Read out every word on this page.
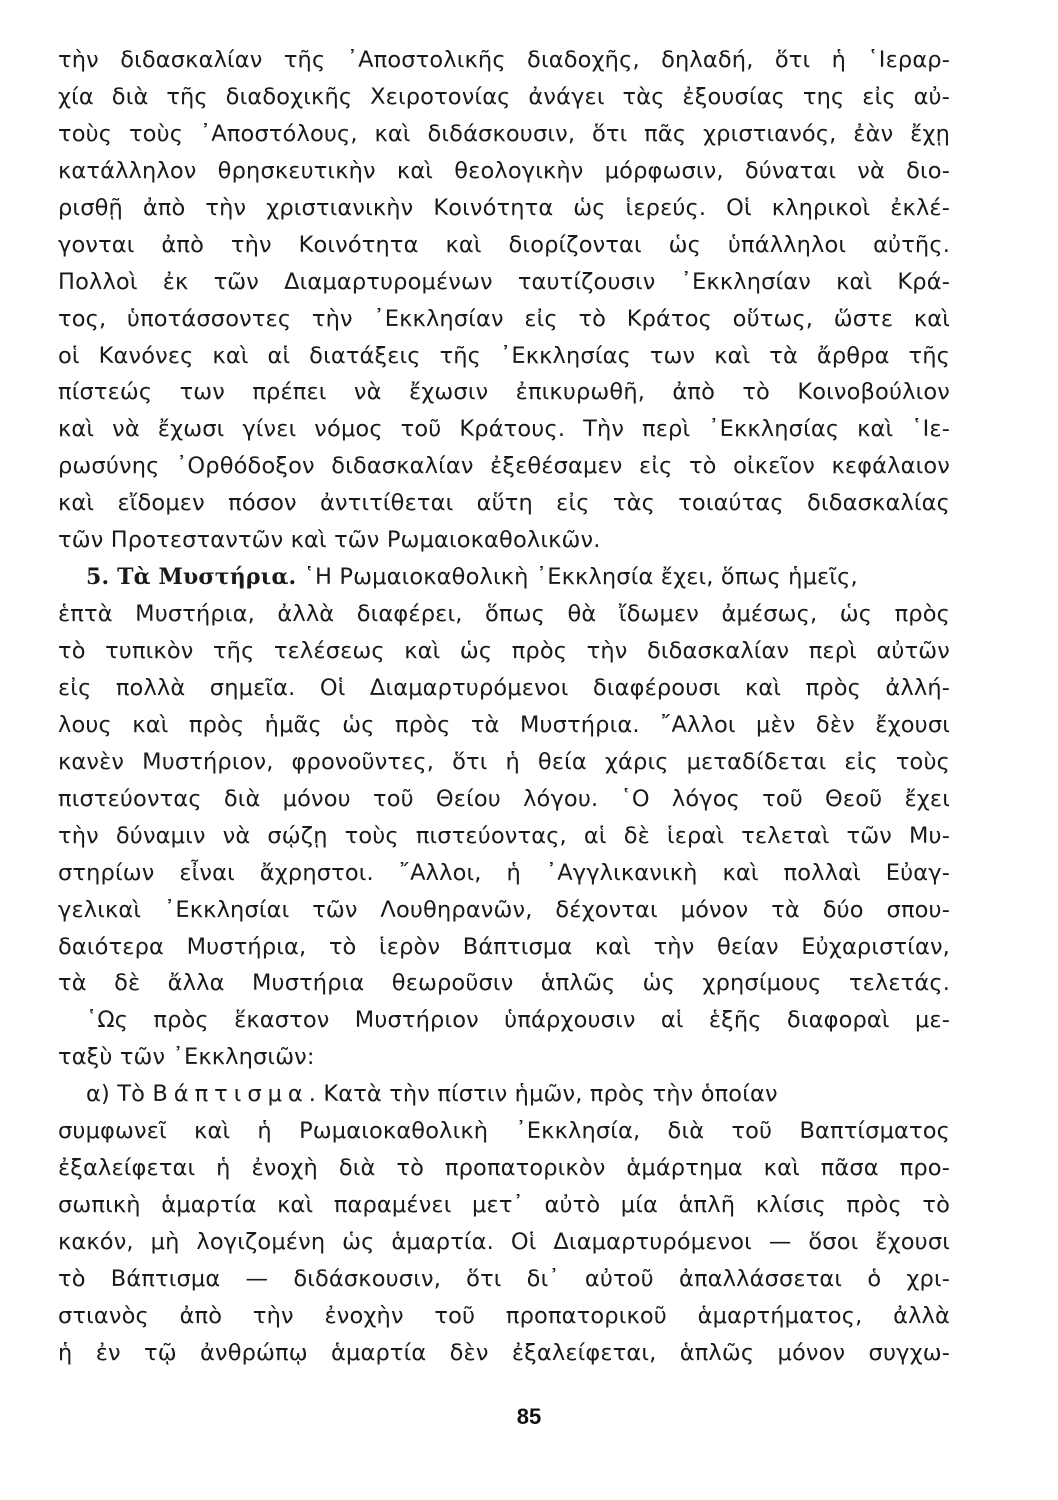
τὴν διδασκαλίαν τῆς ᾿Αποστολικῆς διαδοχῆς, δηλαδή, ὅτι ἡ ῾Ιεραρ-
χία διὰ τῆς διαδοχικῆς Χειροτονίας ἀνάγει τὰς ἐξουσίας της εἰς αὐ-
τοὺς τοὺς ᾿Αποστόλους, καὶ διδάσκουσιν, ὅτι πᾶς χριστιανός, ἐὰν ἔχῃ
κατάλληλον θρησκευτικὴν καὶ θεολογικὴν μόρφωσιν, δύναται νὰ διο-
ρισθῇ ἀπὸ τὴν χριστιανικὴν Κοινότητα ὡς ἱερεύς. Οἱ κληρικοὶ ἐκλέ-
γονται ἀπὸ τὴν Κοινότητα καὶ διορίζονται ὡς ὑπάλληλοι αὐτῆς.
Πολλοὶ ἐκ τῶν Διαμαρτυρομένων ταυτίζουσιν ᾿Εκκλησίαν καὶ Κρά-
τος, ὑποτάσσοντες τὴν ᾿Εκκλησίαν εἰς τὸ Κράτος οὕτως, ὥστε καὶ
οἱ Κανόνες καὶ αἱ διατάξεις τῆς ᾿Εκκλησίας των καὶ τὰ ἄρθρα τῆς
πίστεώς των πρέπει νὰ ἔχωσιν ἐπικυρωθῆ, ἀπὸ τὸ Κοινοβούλιον
καὶ νὰ ἔχωσι γίνει νόμος τοῦ Κράτους. Τὴν περὶ ᾿Εκκλησίας καὶ ῾Ιε-
ρωσύνης ᾿Ορθόδοξον διδασκαλίαν ἐξεθέσαμεν εἰς τὸ οἰκεῖον κεφάλαιον
καὶ εἴδομεν πόσον ἀντιτίθεται αὕτη εἰς τὰς τοιαύτας διδασκαλίας
τῶν Προτεσταντῶν καὶ τῶν Ρωμαιοκαθολικῶν.
5. Τὰ Μυστήρια. ῾Η Ρωμαιοκαθολικὴ ᾿Εκκλησία ἔχει, ὅπως ἡμεῖς,
ἑπτὰ Μυστήρια, ἀλλὰ διαφέρει, ὅπως θὰ ἴδωμεν ἀμέσως, ὡς πρὸς
τὸ τυπικὸν τῆς τελέσεως καὶ ὡς πρὸς τὴν διδασκαλίαν περὶ αὐτῶν
εἰς πολλὰ σημεῖα. Οἱ Διαμαρτυρόμενοι διαφέρουσι καὶ πρὸς ἀλλή-
λους καὶ πρὸς ἡμᾶς ὡς πρὸς τὰ Μυστήρια. ῎Αλλοι μὲν δὲν ἔχουσι
κανὲν Μυστήριον, φρονοῦντες, ὅτι ἡ θεία χάρις μεταδίδεται εἰς τοὺς
πιστεύοντας διὰ μόνου τοῦ Θείου λόγου. ῾Ο λόγος τοῦ Θεοῦ ἔχει
τὴν δύναμιν νὰ σῴζῃ τοὺς πιστεύοντας, αἱ δὲ ἱεραὶ τελεταὶ τῶν Μυ-
στηρίων εἶναι ἄχρηστοι. ῎Αλλοι, ἡ ᾿Αγγλικανικὴ καὶ πολλαὶ Εὐαγ-
γελικαὶ ᾿Εκκλησίαι τῶν Λουθηρανῶν, δέχονται μόνον τὰ δύο σπου-
δαιότερα Μυστήρια, τὸ ἱερὸν Βάπτισμα καὶ τὴν θείαν Εὐχαριστίαν,
τὰ δὲ ἄλλα Μυστήρια θεωροῦσιν ἁπλῶς ὡς χρησίμους τελετάς.
῾Ως πρὸς ἕκαστον Μυστήριον ὑπάρχουσιν αἱ ἑξῆς διαφοραὶ με-
ταξὺ τῶν ᾿Εκκλησιῶν:
α) Τὸ Βάπτισμα. Κατὰ τὴν πίστιν ἡμῶν, πρὸς τὴν ὁποίαν
συμφωνεῖ καὶ ἡ Ρωμαιοκαθολικὴ ᾿Εκκλησία, διὰ τοῦ Βαπτίσματος
ἐξαλείφεται ἡ ἐνοχὴ διὰ τὸ προπατορικὸν ἁμάρτημα καὶ πᾶσα προ-
σωπικὴ ἁμαρτία καὶ παραμένει μετ᾿ αὐτὸ μία ἁπλῆ κλίσις πρὸς τὸ
κακόν, μὴ λογιζομένη ὡς ἁμαρτία. Οἱ Διαμαρτυρόμενοι — ὅσοι ἔχουσι
τὸ Βάπτισμα — διδάσκουσιν, ὅτι δι᾿ αὐτοῦ ἀπαλλάσσεται ὁ χρι-
στιανὸς ἀπὸ τὴν ἐνοχὴν τοῦ προπατορικοῦ ἁμαρτήματος, ἀλλὰ
ἡ ἐν τῷ ἀνθρώπῳ ἁμαρτία δὲν ἐξαλείφεται, ἁπλῶς μόνον συγχω-
85
